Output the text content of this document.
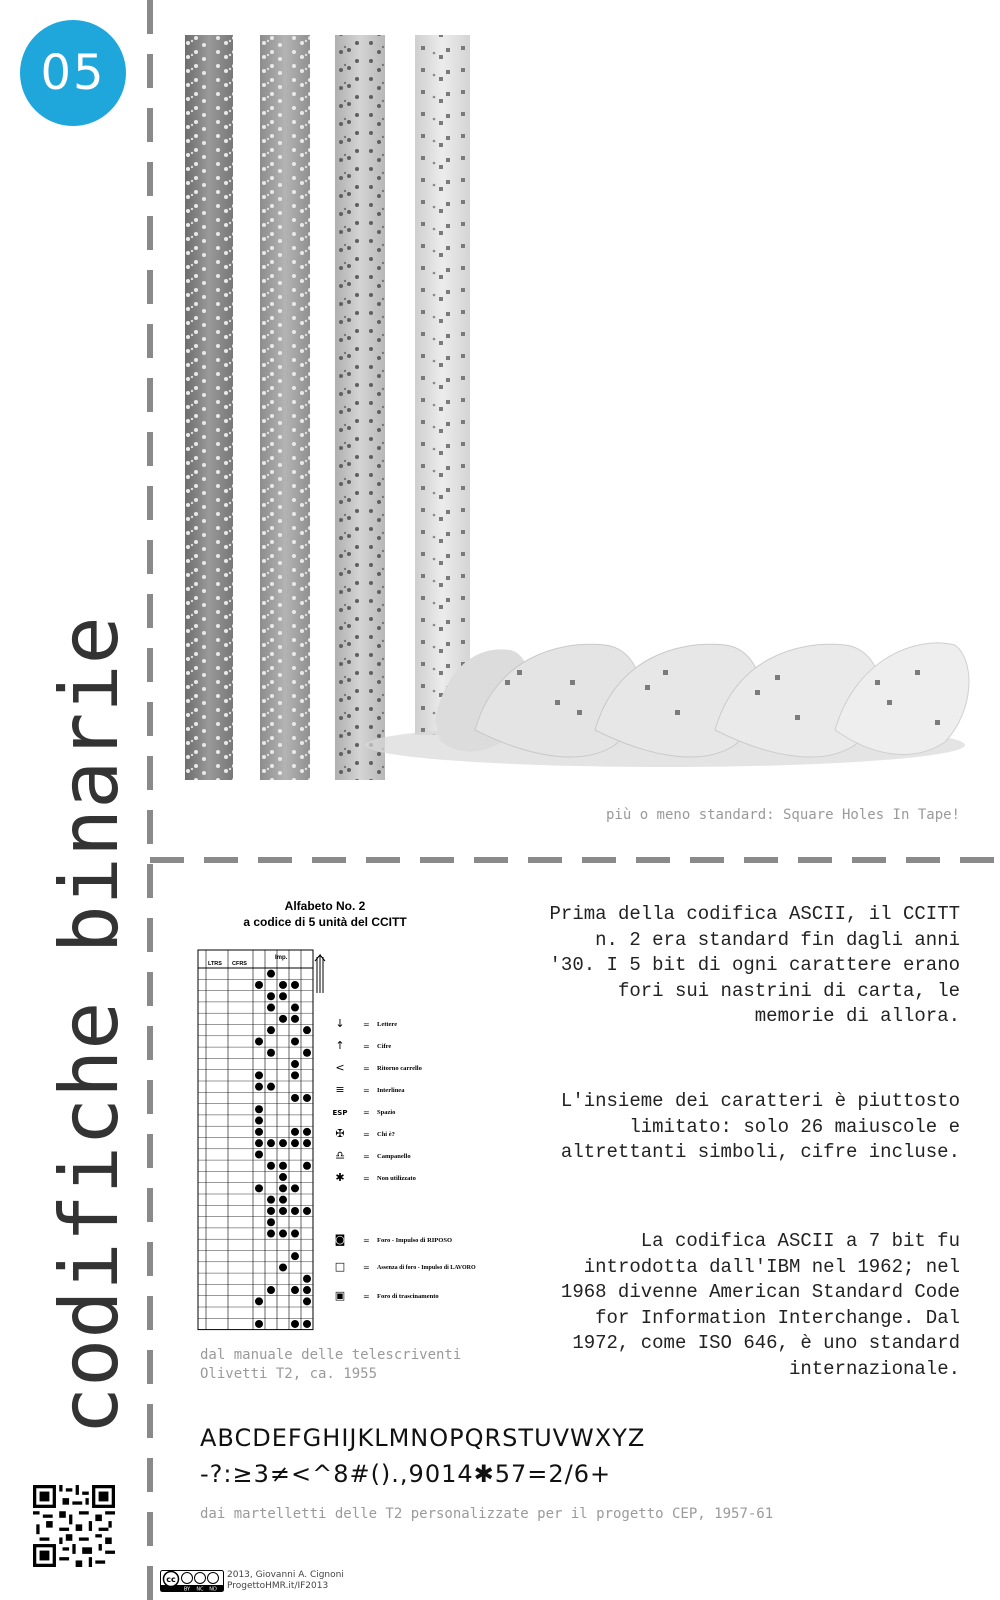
05
codifiche binarie	più o meno standard: Square Holes In Tape!
Alfabeto No. 2
a codice di 5 unità del CCITT
LTRS CFRS
Imp.
↓ = Lettere
↑ = Cifre
< = Ritorno carrello
≡ = Interlinea
ESP = Spazio
✠ = Chi è?
♎ = Campanello
✱ = Non utilizzato
◙ = Foro - Impulso di RIPOSO
□ = Assenza di foro - Impulso di LAVORO
▣ = Foro di trascinamento
dal manuale delle telescriventi
Olivetti T2, ca. 1955
Prima della codifica ASCII, il CCITT n. 2 era standard fin dagli anni '30. I 5 bit di ogni carattere erano fori sui nastrini di carta, le memorie di allora.
L'insieme dei caratteri è piuttosto limitato: solo 26 maiuscole e altrettanti simboli, cifre incluse.
La codifica ASCII a 7 bit fu introdotta dall'IBM nel 1962; nel 1968 divenne American Standard Code for Information Interchange. Dal 1972, come ISO 646, è uno standard internazionale.
ABCDEFGHIJKLMNOPQRSTUVWXYZ
-?:≥3≠<^8#().,9014✱57=2/6+
dai martelletti delle T2 personalizzate per il progetto CEP, 1957-61
cc
BY NC ND
2013, Giovanni A. Cignoni
ProgettoHMR.it/IF2013
